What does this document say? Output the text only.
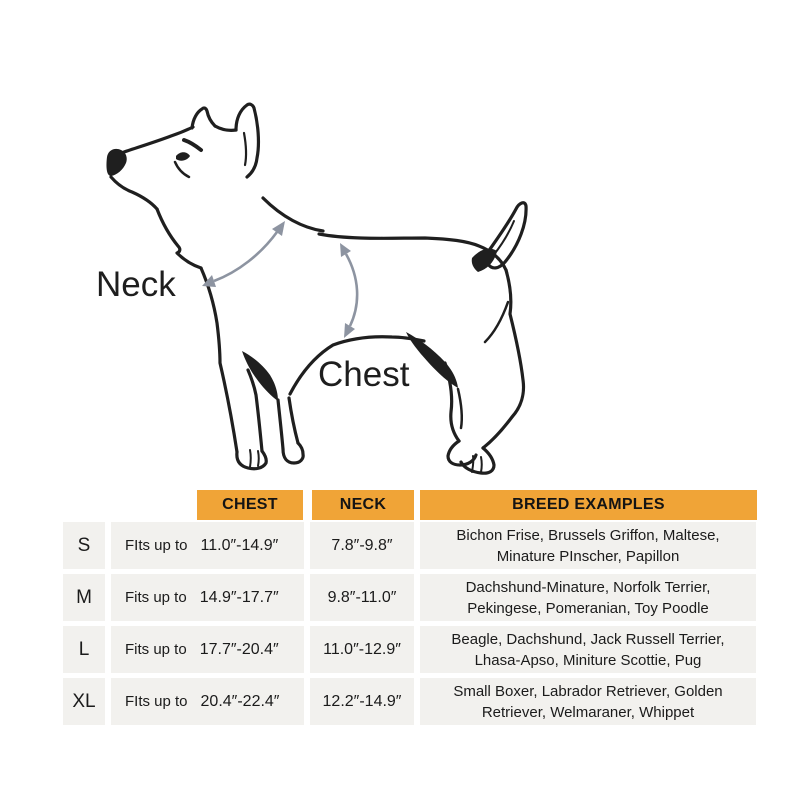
Neck
Chest
CHEST	NECK	BREED EXAMPLES
S	FIts up to 11.0″-14.9″	7.8″-9.8″
Bichon Frise, Brussels Griffon, Maltese,
Minature PInscher, Papillon
M	Fits up to 14.9″-17.7″	9.8″-11.0″
Dachshund-Minature, Norfolk Terrier,
Pekingese, Pomeranian, Toy Poodle
L	Fits up to 17.7″-20.4″	11.0″-12.9″
Beagle, Dachshund, Jack Russell Terrier,
Lhasa-Apso, Miniture Scottie, Pug
XL	FIts up to 20.4″-22.4″	12.2″-14.9″
Small Boxer, Labrador Retriever, Golden
Retriever, Welmaraner, Whippet
